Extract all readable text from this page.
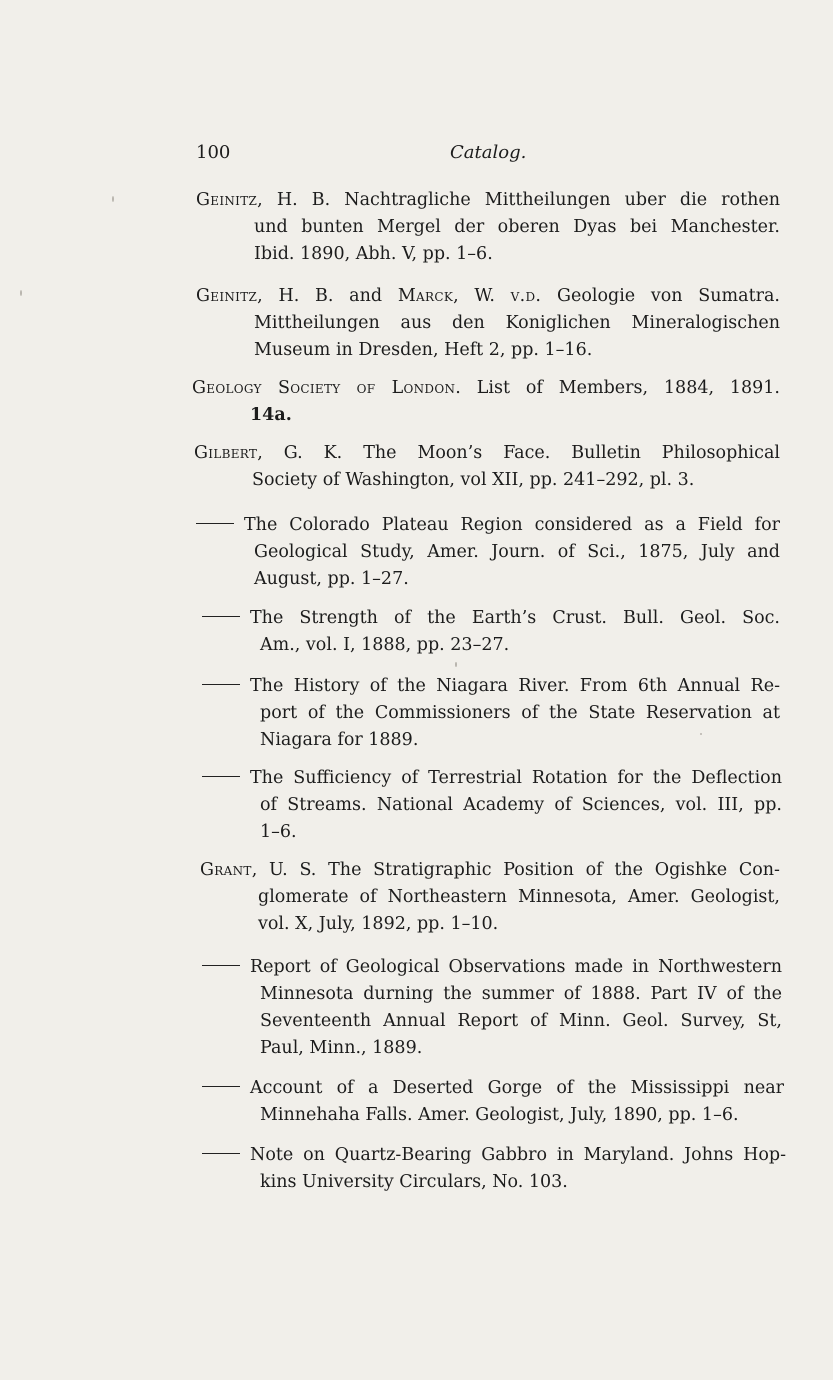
100	Catalog.
Geinitz, H. B. Nachtragliche Mittheilungen uber die rothen
und bunten Mergel der oberen Dyas bei Manchester.
Ibid. 1890, Abh. V, pp. 1–6.
Geinitz, H. B. and Marck, W. v.d. Geologie von Sumatra.
Mittheilungen aus den Koniglichen Mineralogischen
Museum in Dresden, Heft 2, pp. 1–16.
Geology Society of London. List of Members, 1884, 1891.
14a.
Gilbert, G. K. The Moon’s Face. Bulletin Philosophical
Society of Washington, vol XII, pp. 241–292, pl. 3.
The Colorado Plateau Region considered as a Field for
Geological Study, Amer. Journ. of Sci., 1875, July and
August, pp. 1–27.
The Strength of the Earth’s Crust. Bull. Geol. Soc.
Am., vol. I, 1888, pp. 23–27.
The History of the Niagara River. From 6th Annual Re-
port of the Commissioners of the State Reservation at
Niagara for 1889.
The Sufficiency of Terrestrial Rotation for the Deflection
of Streams. National Academy of Sciences, vol. III, pp.
1–6.
Grant, U. S. The Stratigraphic Position of the Ogishke Con-
glomerate of Northeastern Minnesota, Amer. Geologist,
vol. X, July, 1892, pp. 1–10.
Report of Geological Observations made in Northwestern
Minnesota durning the summer of 1888. Part IV of the
Seventeenth Annual Report of Minn. Geol. Survey, St,
Paul, Minn., 1889.
Account of a Deserted Gorge of the Mississippi near
Minnehaha Falls. Amer. Geologist, July, 1890, pp. 1–6.
Note on Quartz-Bearing Gabbro in Maryland. Johns Hop-
kins University Circulars, No. 103.
